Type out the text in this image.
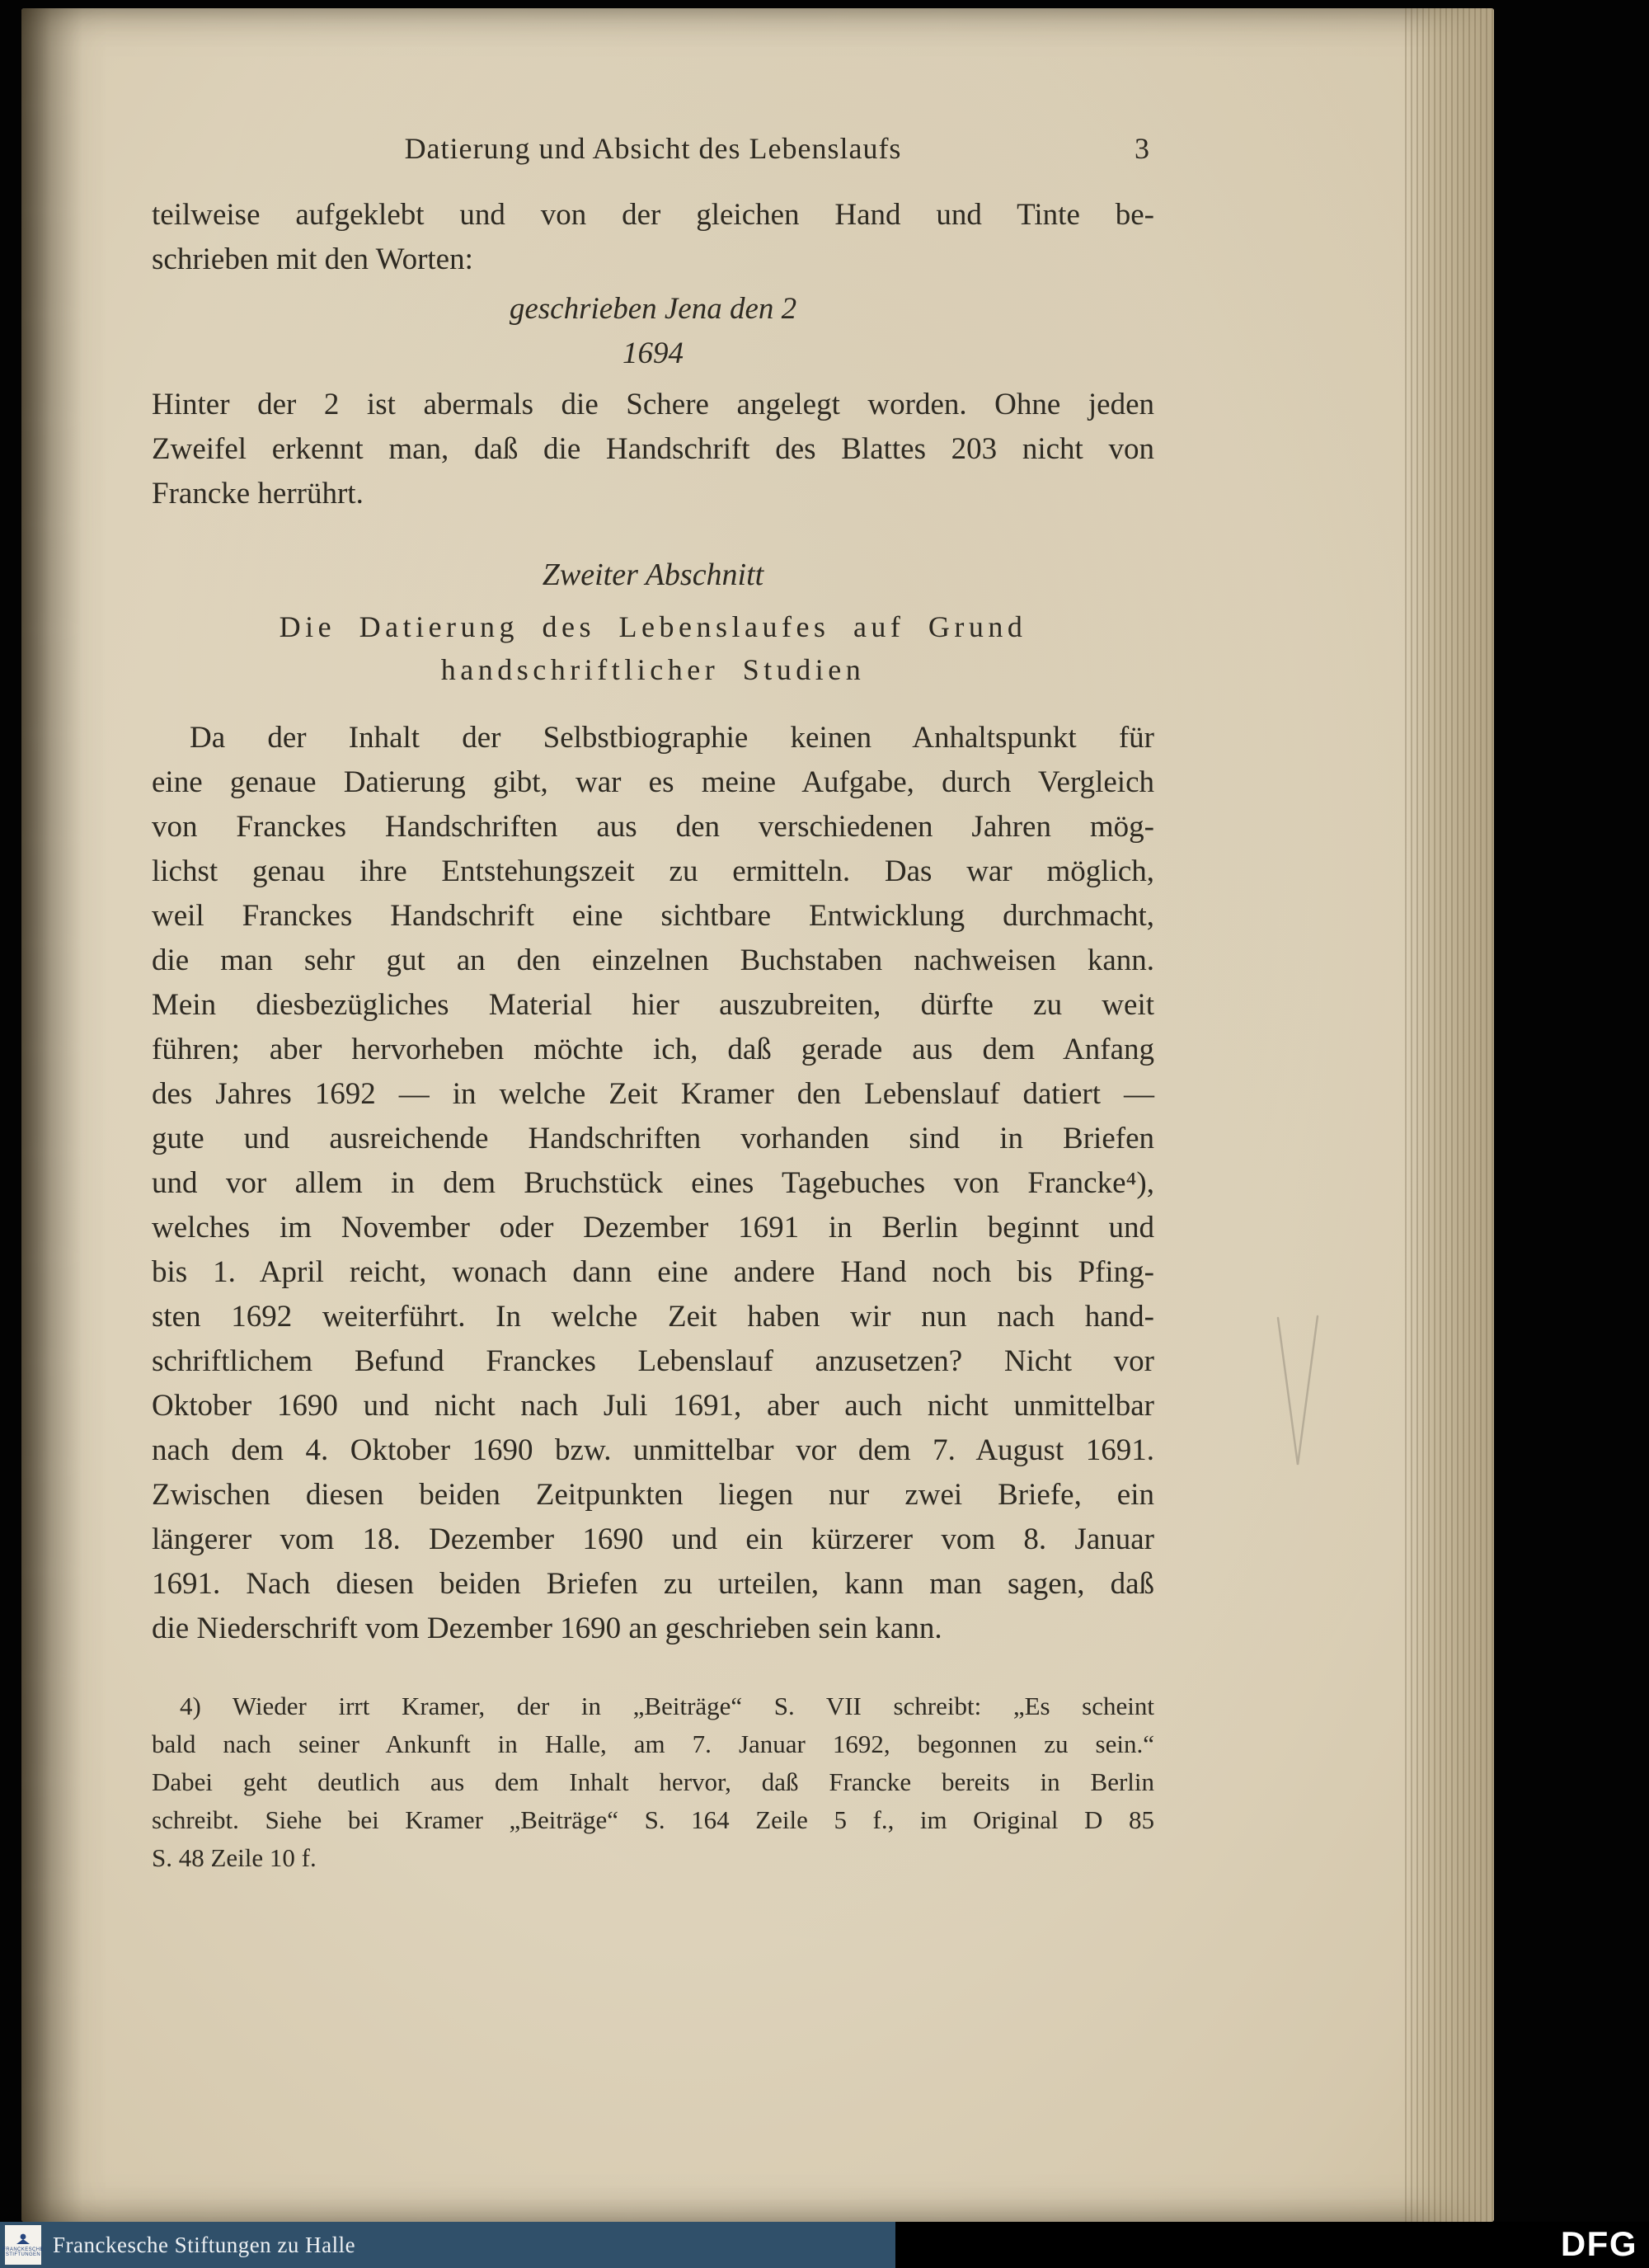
Datierung und Absicht des Lebenslaufs	3
teilweise aufgeklebt und von der gleichen Hand und Tinte be-
schrieben mit den Worten:
geschrieben Jena den 2
1694
Hinter der 2 ist abermals die Schere angelegt worden. Ohne jeden
Zweifel erkennt man, daß die Handschrift des Blattes 203 nicht von
Francke herrührt.
Zweiter Abschnitt
Die Datierung des Lebenslaufes auf Grund
handschriftlicher Studien
Da der Inhalt der Selbstbiographie keinen Anhaltspunkt für
eine genaue Datierung gibt, war es meine Aufgabe, durch Vergleich
von Franckes Handschriften aus den verschiedenen Jahren mög-
lichst genau ihre Entstehungszeit zu ermitteln. Das war möglich,
weil Franckes Handschrift eine sichtbare Entwicklung durchmacht,
die man sehr gut an den einzelnen Buchstaben nachweisen kann.
Mein diesbezügliches Material hier auszubreiten, dürfte zu weit
führen; aber hervorheben möchte ich, daß gerade aus dem Anfang
des Jahres 1692 — in welche Zeit Kramer den Lebenslauf datiert —
gute und ausreichende Handschriften vorhanden sind in Briefen
und vor allem in dem Bruchstück eines Tagebuches von Francke⁴),
welches im November oder Dezember 1691 in Berlin beginnt und
bis 1. April reicht, wonach dann eine andere Hand noch bis Pfing-
sten 1692 weiterführt. In welche Zeit haben wir nun nach hand-
schriftlichem Befund Franckes Lebenslauf anzusetzen? Nicht vor
Oktober 1690 und nicht nach Juli 1691, aber auch nicht unmittelbar
nach dem 4. Oktober 1690 bzw. unmittelbar vor dem 7. August 1691.
Zwischen diesen beiden Zeitpunkten liegen nur zwei Briefe, ein
längerer vom 18. Dezember 1690 und ein kürzerer vom 8. Januar
1691. Nach diesen beiden Briefen zu urteilen, kann man sagen, daß
die Niederschrift vom Dezember 1690 an geschrieben sein kann.
4) Wieder irrt Kramer, der in „Beiträge“ S. VII schreibt: „Es scheint
bald nach seiner Ankunft in Halle, am 7. Januar 1692, begonnen zu sein.“
Dabei geht deutlich aus dem Inhalt hervor, daß Francke bereits in Berlin
schreibt. Siehe bei Kramer „Beiträge“ S. 164 Zeile 5 f., im Original D 85
S. 48 Zeile 10 f.
FRANCKESCHE STIFTUNGEN Franckesche Stiftungen zu Halle	DFG
